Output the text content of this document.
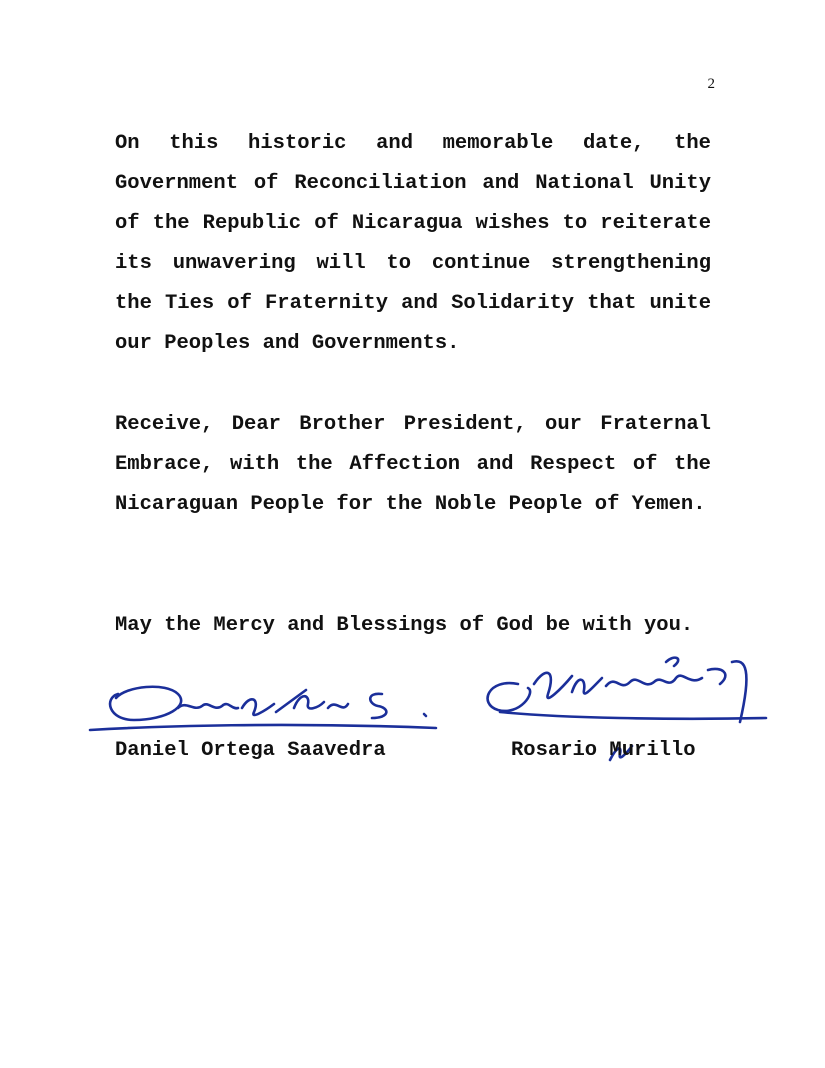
2

On this historic and memorable date, the Government of Reconciliation and National Unity of the Republic of Nicaragua wishes to reiterate its unwavering will to continue strengthening the Ties of Fraternity and Solidarity that unite our Peoples and Governments.

Receive, Dear Brother President, our Fraternal Embrace, with the Affection and Respect of the Nicaraguan People for the Noble People of Yemen.

May the Mercy and Blessings of God be with you.

Daniel Ortega Saavedra	Rosario Murillo
